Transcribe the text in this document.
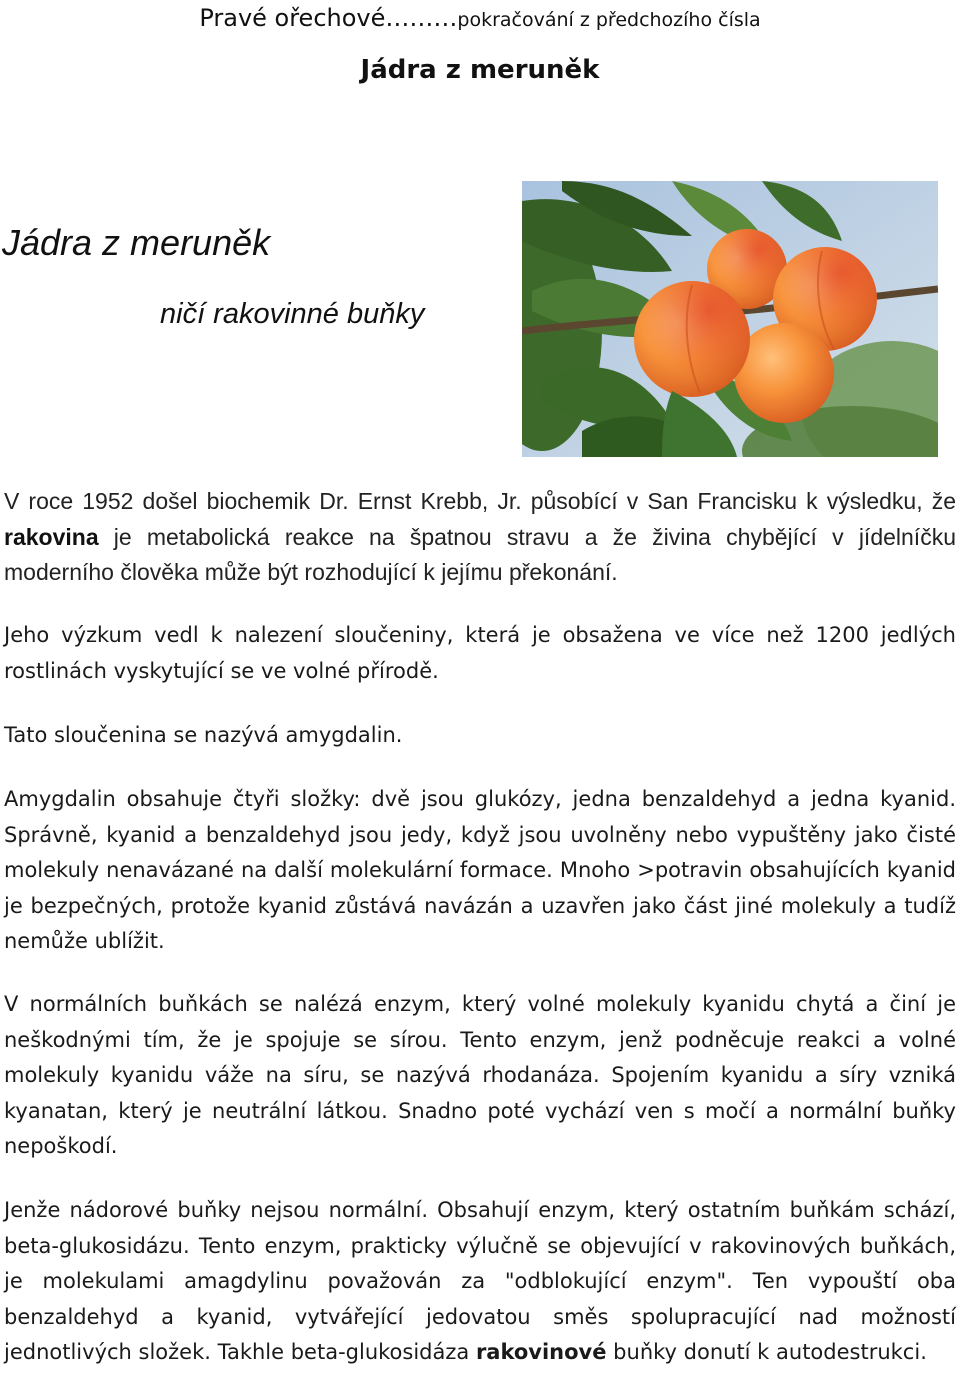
Pravé ořechové………pokračování z předchozího čísla
Jádra z meruněk
Jádra z meruněk
ničí rakovinné buňky
V roce 1952 došel biochemik Dr. Ernst Krebb, Jr. působící v San Francisku k výsledku, že rakovina je metabolická reakce na špatnou stravu a že živina chybějící v jídelníčku moderního člověka může být rozhodující k jejímu překonání.

Jeho výzkum vedl k nalezení sloučeniny, která je obsažena ve více než 1200 jedlých rostlinách vyskytující se ve volné přírodě.

Tato sloučenina se nazývá amygdalin.

Amygdalin obsahuje čtyři složky: dvě jsou glukózy, jedna benzaldehyd a jedna kyanid. Správně, kyanid a benzaldehyd jsou jedy, když jsou uvolněny nebo vypuštěny jako čisté molekuly nenavázané na další molekulární formace. Mnoho >potravin obsahujících kyanid je bezpečných, protože kyanid zůstává navázán a uzavřen jako část jiné molekuly a tudíž nemůže ublížit.

V normálních buňkách se nalézá enzym, který volné molekuly kyanidu chytá a činí je neškodnými tím, že je spojuje se sírou. Tento enzym, jenž podněcuje reakci a volné molekuly kyanidu váže na síru, se nazývá rhodanáza. Spojením kyanidu a síry vzniká kyanatan, který je neutrální látkou. Snadno poté vychází ven s močí a normální buňky nepoškodí.

Jenže nádorové buňky nejsou normální. Obsahují enzym, který ostatním buňkám schází, beta-glukosidázu. Tento enzym, prakticky výlučně se objevující v rakovinových buňkách, je molekulami amagdylinu považován za "odblokující enzym". Ten vypouští oba benzaldehyd a kyanid, vytvářející jedovatou směs spolupracující nad možností jednotlivých složek. Takhle beta-glukosidáza rakovinové buňky donutí k autodestrukci.
